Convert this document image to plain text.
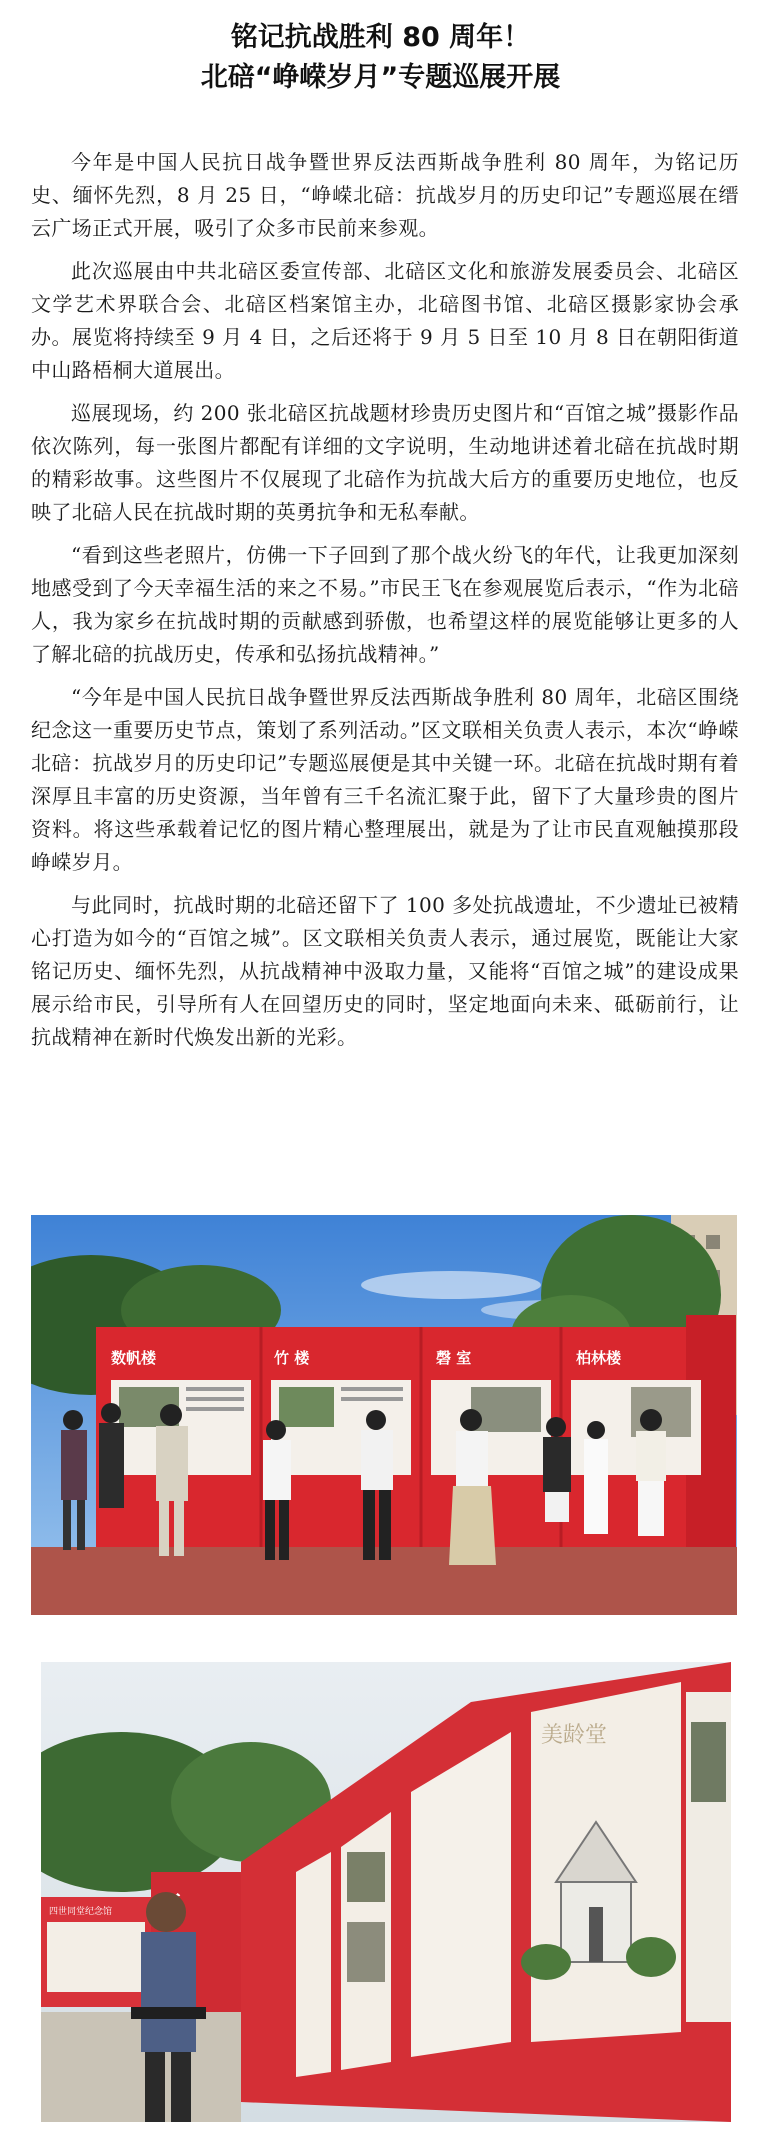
铭记抗战胜利 80 周年！
北碚“峥嵘岁月”专题巡展开展

今年是中国人民抗日战争暨世界反法西斯战争胜利 80 周年，为铭记历史、缅怀先烈，8 月 25 日，“峥嵘北碚：抗战岁月的历史印记”专题巡展在缙云广场正式开展，吸引了众多市民前来参观。

此次巡展由中共北碚区委宣传部、北碚区文化和旅游发展委员会、北碚区文学艺术界联合会、北碚区档案馆主办，北碚图书馆、北碚区摄影家协会承办。展览将持续至 9 月 4 日，之后还将于 9 月 5 日至 10 月 8 日在朝阳街道中山路梧桐大道展出。

巡展现场，约 200 张北碚区抗战题材珍贵历史图片和“百馆之城”摄影作品依次陈列，每一张图片都配有详细的文字说明，生动地讲述着北碚在抗战时期的精彩故事。这些图片不仅展现了北碚作为抗战大后方的重要历史地位，也反映了北碚人民在抗战时期的英勇抗争和无私奉献。

“看到这些老照片，仿佛一下子回到了那个战火纷飞的年代，让我更加深刻地感受到了今天幸福生活的来之不易。”市民王飞在参观展览后表示，“作为北碚人，我为家乡在抗战时期的贡献感到骄傲，也希望这样的展览能够让更多的人了解北碚的抗战历史，传承和弘扬抗战精神。”

“今年是中国人民抗日战争暨世界反法西斯战争胜利 80 周年，北碚区围绕纪念这一重要历史节点，策划了系列活动。”区文联相关负责人表示，本次“峥嵘北碚：抗战岁月的历史印记”专题巡展便是其中关键一环。北碚在抗战时期有着深厚且丰富的历史资源，当年曾有三千名流汇聚于此，留下了大量珍贵的图片资料。将这些承载着记忆的图片精心整理展出，就是为了让市民直观触摸那段峥嵘岁月。

与此同时，抗战时期的北碚还留下了 100 多处抗战遗址，不少遗址已被精心打造为如今的“百馆之城”。区文联相关负责人表示，通过展览，既能让大家铭记历史、缅怀先烈，从抗战精神中汲取力量，又能将“百馆之城”的建设成果展示给市民，引导所有人在回望历史的同时，坚定地面向未来、砥砺前行，让抗战精神在新时代焕发出新的光彩。

数帆楼	竹 楼	磬 室	柏林楼
四世同堂纪念馆
美龄堂
